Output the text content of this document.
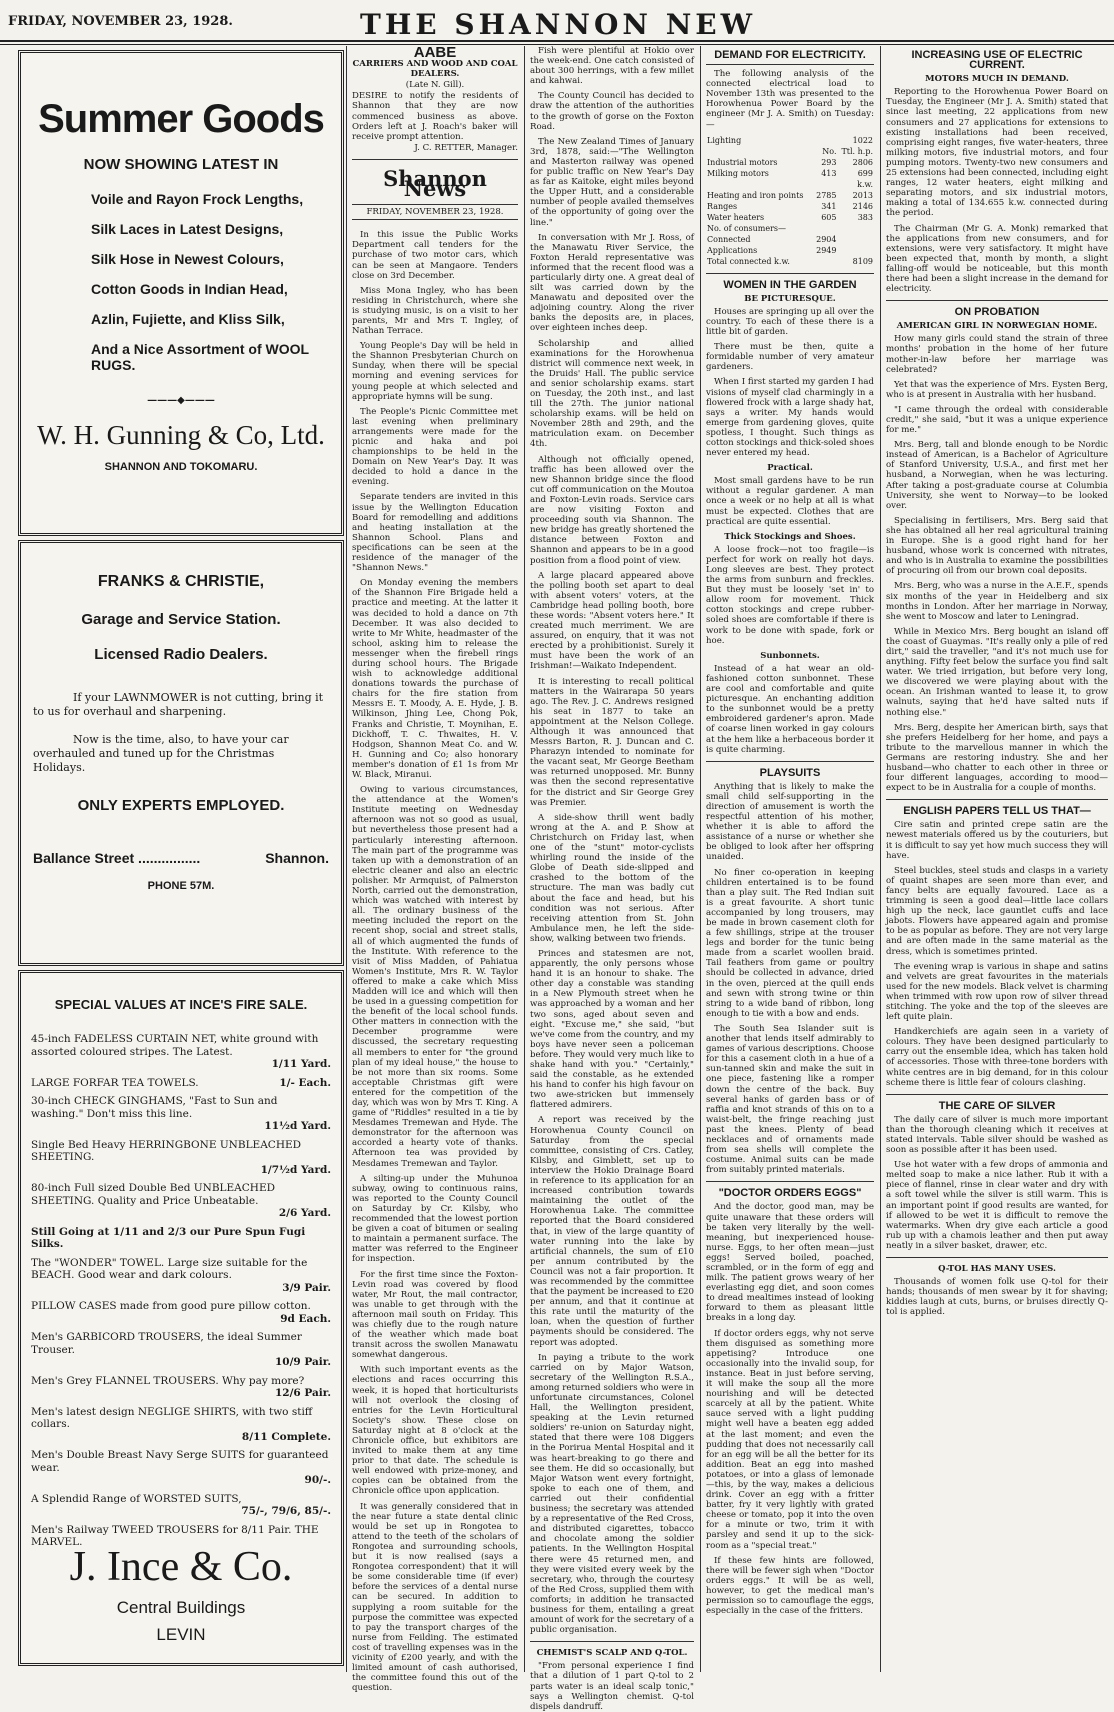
FRIDAY, NOVEMBER 23, 1928.	THE SHANNON NEW
Summer Goods
NOW SHOWING LATEST IN
Voile and Rayon Frock Lengths,
Silk Laces in Latest Designs,
Silk Hose in Newest Colours,
Cotton Goods in Indian Head,
Azlin, Fujiette, and Kliss Silk,
And a Nice Assortment of WOOL RUGS.
———◆———
W. H. Gunning & Co, Ltd.
SHANNON AND TOKOMARU.
FRANKS & CHRISTIE,
Garage and Service Station.
Licensed Radio Dealers.
If your LAWNMOWER is not cutting, bring it to us for overhaul and sharpening.
Now is the time, also, to have your car overhauled and tuned up for the Christmas Holidays.
ONLY EXPERTS EMPLOYED.
Ballance Street ................	Shannon.
PHONE 57M.
SPECIAL VALUES AT INCE'S FIRE SALE.
45-inch FADELESS CURTAIN NET, white ground with assorted coloured stripes. The Latest.
1/11 Yard.
LARGE FORFAR TEA TOWELS.	1/- Each.
30-inch CHECK GINGHAMS, "Fast to Sun and washing." Don't miss this line.
11½d Yard.
Single Bed Heavy HERRINGBONE UNBLEACHED SHEETING.
1/7½d Yard.
80-inch Full sized Double Bed UNBLEACHED SHEETING. Quality and Price Unbeatable.
2/6 Yard.
Still Going at 1/11 and 2/3 our Pure Spun Fugi Silks.
The "WONDER" TOWEL. Large size suitable for the BEACH. Good wear and dark colours.
3/9 Pair.
PILLOW CASES made from good pure pillow cotton.
9d Each.
Men's GARBICORD TROUSERS, the ideal Summer Trouser.
10/9 Pair.
Men's Grey FLANNEL TROUSERS. Why pay more?
12/6 Pair.
Men's latest design NEGLIGE SHIRTS, with two stiff collars.
8/11 Complete.
Men's Double Breast Navy Serge SUITS for guaranteed wear.
90/-.
A Splendid Range of WORSTED SUITS,
75/-, 79/6, 85/-.
Men's Railway TWEED TROUSERS for 8/11 Pair. THE MARVEL.
J. Ince & Co.
Central Buildings
LEVIN
AABE
CARRIERS AND WOOD AND COAL DEALERS.
(Late N. Gill).

DESIRE to notify the residents of Shannon that they are now commenced business as above. Orders left at J. Roach's baker will receive prompt attention.

J. C. RETTER, Manager.
Shannon News
FRIDAY, NOVEMBER 23, 1928.

In this issue the Public Works Department call tenders for the purchase of two motor cars, which can be seen at Mangaore. Tenders close on 3rd December.

Miss Mona Ingley, who has been residing in Christchurch, where she is studying music, is on a visit to her parents, Mr and Mrs T. Ingley, of Nathan Terrace.

Young People's Day will be held in the Shannon Presbyterian Church on Sunday, when there will be special morning and evening services for young people at which selected and appropriate hymns will be sung.

The People's Picnic Committee met last evening when preliminary arrangements were made for the picnic and haka and poi championships to be held in the Domain on New Year's Day. It was decided to hold a dance in the evening.

Separate tenders are invited in this issue by the Wellington Education Board for remodelling and additions and heating installation at the Shannon School. Plans and specifications can be seen at the residence of the manager of the "Shannon News."

On Monday evening the members of the Shannon Fire Brigade held a practice and meeting. At the latter it was decided to hold a dance on 7th December. It was also decided to write to Mr White, headmaster of the school, asking him to release the messenger when the firebell rings during school hours. The Brigade wish to acknowledge additional donations towards the purchase of chairs for the fire station from Messrs E. T. Moody, A. E. Hyde, J. B. Wilkinson, Jhing Lee, Chong Pok, Franks and Christie, T. Moynihan, E. Dickhoff, T. C. Thwaites, H. V. Hodgson, Shannon Meat Co. and W. H. Gunning and Co; also honorary member's donation of £1 1s from Mr W. Black, Miranui.

Owing to various circumstances, the attendance at the Women's Institute meeting on Wednesday afternoon was not so good as usual, but nevertheless those present had a particularly interesting afternoon. The main part of the programme was taken up with a demonstration of an electric cleaner and also an electric polisher. Mr Armquist, of Palmerston North, carried out the demonstration, which was watched with interest by all. The ordinary business of the meeting included the report on the recent shop, social and street stalls, all of which augmented the funds of the Institute. With reference to the visit of Miss Madden, of Pahiatua Women's Institute, Mrs R. W. Taylor offered to make a cake which Miss Madden will ice and which will then be used in a guessing competition for the benefit of the local school funds. Other matters in connection with the December programme were discussed, the secretary requesting all members to enter for "the ground plan of my ideal house," the house to be not more than six rooms. Some acceptable Christmas gift were entered for the competition of the day, which was won by Mrs T. King. A game of "Riddles" resulted in a tie by Mesdames Tremewan and Hyde. The demonstrator for the afternoon was accorded a hearty vote of thanks. Afternoon tea was provided by Mesdames Tremewan and Taylor.

A silting-up under the Muhunoa subway, owing to continuous rains, was reported to the County Council on Saturday by Cr. Kilsby, who recommended that the lowest portion be given a coat of bitumen or sealing to maintain a permanent surface. The matter was referred to the Engineer for inspection.

For the first time since the Foxton-Levin road was covered by flood water, Mr Rout, the mail contractor, was unable to get through with the afternoon mail south on Friday. This was chiefly due to the rough nature of the weather which made boat transit across the swollen Manawatu somewhat dangerous.

With such important events as the elections and races occurring this week, it is hoped that horticulturists will not overlook the closing of entries for the Levin Horticultural Society's show. These close on Saturday night at 8 o'clock at the Chronicle office, but exhibitors are invited to make them at any time prior to that date. The schedule is well endowed with prize-money, and copies can be obtained from the Chronicle office upon application.

It was generally considered that in the near future a state dental clinic would be set up in Rongotea to attend to the teeth of the scholars of Rongotea and surrounding schools, but it is now realised (says a Rongotea correspondent) that it will be some considerable time (if ever) before the services of a dental nurse can be secured. In addition to supplying a room suitable for the purpose the committee was expected to pay the transport charges of the nurse from Feilding. The estimated cost of travelling expenses was in the vicinity of £200 yearly, and with the limited amount of cash authorised, the committee found this out of the question.

Fish were plentiful at Hokio over the week-end. One catch consisted of about 300 herrings, with a few millet and kahwai.

The County Council has decided to draw the attention of the authorities to the growth of gorse on the Foxton Road.

The New Zealand Times of January 3rd, 1878, said:—"The Wellington and Masterton railway was opened for public traffic on New Year's Day as far as Kaitoke, eight miles beyond the Upper Hutt, and a considerable number of people availed themselves of the opportunity of going over the line."

In conversation with Mr J. Ross, of the Manawatu River Service, the Foxton Herald representative was informed that the recent flood was a particularly dirty one. A great deal of silt was carried down by the Manawatu and deposited over the adjoining country. Along the river banks the deposits are, in places, over eighteen inches deep.

Scholarship and allied examinations for the Horowhenua district will commence next week, in the Druids' Hall. The public service and senior scholarship exams. start on Tuesday, the 20th inst., and last till the 27th. The junior national scholarship exams. will be held on November 28th and 29th, and the matriculation exam. on December 4th.

Although not officially opened, traffic has been allowed over the new Shannon bridge since the flood cut off communication on the Moutoa and Foxton-Levin roads. Service cars are now visiting Foxton and proceeding south via Shannon. The new bridge has greatly shortened the distance between Foxton and Shannon and appears to be in a good position from a flood point of view.

A large placard appeared above the polling booth set apart to deal with absent voters' voters, at the Cambridge head polling booth, bore these words: "Absent voters here." It created much merriment. We are assured, on enquiry, that it was not erected by a prohibitionist. Surely it must have been the work of an Irishman!—Waikato Independent.

It is interesting to recall political matters in the Wairarapa 50 years ago. The Rev. J. C. Andrews resigned his seat in 1877 to take an appointment at the Nelson College. Although it was announced that Messrs Barton, R. J. Duncan and C. Pharazyn intended to nominate for the vacant seat, Mr George Beetham was returned unopposed. Mr. Bunny was then the second representative for the district and Sir George Grey was Premier.

A side-show thrill went badly wrong at the A. and P. Show at Christchurch on Friday last, when one of the "stunt" motor-cyclists whirling round the inside of the Globe of Death side-slipped and crashed to the bottom of the structure. The man was badly cut about the face and head, but his condition was not serious. After receiving attention from St. John Ambulance men, he left the side-show, walking between two friends.

Princes and statesmen are not, apparently, the only persons whose hand it is an honour to shake. The other day a constable was standing in a New Plymouth street when he was approached by a woman and her two sons, aged about seven and eight. "Excuse me," she said, "but we've come from the country, and my boys have never seen a policeman before. They would very much like to shake hand with you." "Certainly," said the constable, as he extended his hand to confer his high favour on two awe-stricken but immensely flattered admirers.

A report was received by the Horowhenua County Council on Saturday from the special committee, consisting of Crs. Catley, Kilsby, and Gimblett, set up to interview the Hokio Drainage Board in reference to its application for an increased contribution towards maintaining the outlet of the Horowhenua Lake. The committee reported that the Board considered that, in view of the large quantity of water running into the lake by artificial channels, the sum of £10 per annum contributed by the Council was not a fair proportion. It was recommended by the committee that the payment be increased to £20 per annum, and that it continue at this rate until the maturity of the loan, when the question of further payments should be considered. The report was adopted.

In paying a tribute to the work carried on by Major Watson, secretary of the Wellington R.S.A., among returned soldiers who were in unfortunate circumstances, Colonel Hall, the Wellington president, speaking at the Levin returned soldiers' re-union on Saturday night, stated that there were 108 Diggers in the Porirua Mental Hospital and it was heart-breaking to go there and see them. He did so occasionally, but Major Watson went every fortnight, spoke to each one of them, and carried out their confidential business; the secretary was attended by a representative of the Red Cross, and distributed cigarettes, tobacco and chocolate among the soldier patients. In the Wellington Hospital there were 45 returned men, and they were visited every week by the secretary, who, through the courtesy of the Red Cross, supplied them with comforts; in addition he transacted business for them, entailing a great amount of work for the secretary of a public organisation.

CHEMIST'S SCALP AND Q-TOL.

"From personal experience I find that a dilution of 1 part Q-tol to 2 parts water is an ideal scalp tonic," says a Wellington chemist. Q-tol dispels dandruff.

DEMAND FOR ELECTRICITY.

The following analysis of the connected electrical load to November 13th was presented to the Horowhenua Power Board by the engineer (Mr J. A. Smith) on Tuesday:—

Lighting		1022
	No.	Ttl. h.p.
Industrial motors	293	2806
Milking motors	413	699
		k.w.
Heating and iron points	2785	2013
Ranges	341	2146
Water heaters	605	383
No. of consumers—		
Connected	2904	
Applications	2949	
Total connected k.w.		8109
WOMEN IN THE GARDEN
BE PICTURESQUE.

Houses are springing up all over the country. To each of these there is a little bit of garden.

There must be then, quite a formidable number of very amateur gardeners.

When I first started my garden I had visions of myself clad charmingly in a flowered frock with a large shady hat, says a writer. My hands would emerge from gardening gloves, quite spotless, I thought. Such things as cotton stockings and thick-soled shoes never entered my head.

Practical.

Most small gardens have to be run without a regular gardener. A man once a week or no help at all is what must be expected. Clothes that are practical are quite essential.

Thick Stockings and Shoes.

A loose frock—not too fragile—is perfect for work on really hot days. Long sleeves are best. They protect the arms from sunburn and freckles. But they must be loosely 'set in' to allow room for movement. Thick cotton stockings and crepe rubber-soled shoes are comfortable if there is work to be done with spade, fork or hoe.

Sunbonnets.

Instead of a hat wear an old-fashioned cotton sunbonnet. These are cool and comfortable and quite picturesque. An enchanting addition to the sunbonnet would be a pretty embroidered gardener's apron. Made of coarse linen worked in gay colours at the hem like a herbaceous border it is quite charming.

PLAYSUITS

Anything that is likely to make the small child self-supporting in the direction of amusement is worth the respectful attention of his mother, whether it is able to afford the assistance of a nurse or whether she be obliged to look after her offspring unaided.

No finer co-operation in keeping children entertained is to be found than a play suit. The Red Indian suit is a great favourite. A short tunic accompanied by long trousers, may be made in brown casement cloth for a few shillings, stripe at the trouser legs and border for the tunic being made from a scarlet woollen braid. Tail feathers from game or poultry should be collected in advance, dried in the oven, pierced at the quill ends and sewn with strong twine or thin string to a wide band of ribbon, long enough to tie with a bow and ends.

The South Sea Islander suit is another that lends itself admirably to games of various descriptions. Choose for this a casement cloth in a hue of a sun-tanned skin and make the suit in one piece, fastening like a romper down the centre of the back. Buy several hanks of garden bass or of raffia and knot strands of this on to a waist-belt, the fringe reaching just past the knees. Plenty of bead necklaces and of ornaments made from sea shells will complete the costume. Animal suits can be made from suitably printed materials.

"DOCTOR ORDERS EGGS"

And the doctor, good man, may be quite unaware that these orders will be taken very literally by the well-meaning, but inexperienced house-nurse. Eggs, to her often mean—just eggs! Served boiled, poached, scrambled, or in the form of egg and milk. The patient grows weary of her everlasting egg diet, and soon comes to dread mealtimes instead of looking forward to them as pleasant little breaks in a long day.

If doctor orders eggs, why not serve them disguised as something more appetising? Introduce one occasionally into the invalid soup, for instance. Beat in just before serving, it will make the soup all the more nourishing and will be detected scarcely at all by the patient. White sauce served with a light pudding might well have a beaten egg added at the last moment; and even the pudding that does not necessarily call for an egg will be all the better for its addition. Beat an egg into mashed potatoes, or into a glass of lemonade—this, by the way, makes a delicious drink. Cover an egg with a fritter batter, fry it very lightly with grated cheese or tomato, pop it into the oven for a minute or two, trim it with parsley and send it up to the sick-room as a "special treat."

If these few hints are followed, there will be fewer sigh when "Doctor orders eggs." It will be as well, however, to get the medical man's permission so to camouflage the eggs, especially in the case of the fritters.

INCREASING USE OF ELECTRIC CURRENT.
MOTORS MUCH IN DEMAND.

Reporting to the Horowhenua Power Board on Tuesday, the Engineer (Mr J. A. Smith) stated that since last meeting, 22 applications from new consumers and 27 applications for extensions to existing installations had been received, comprising eight ranges, five water-heaters, three milking motors, five industrial motors, and four pumping motors. Twenty-two new consumers and 25 extensions had been connected, including eight ranges, 12 water heaters, eight milking and separating motors, and six industrial motors, making a total of 134.655 k.w. connected during the period.

The Chairman (Mr G. A. Monk) remarked that the applications from new consumers, and for extensions, were very satisfactory. It might have been expected that, month by month, a slight falling-off would be noticeable, but this month there had been a slight increase in the demand for electricity.

ON PROBATION
AMERICAN GIRL IN NORWEGIAN HOME.

How many girls could stand the strain of three months' probation in the home of her future mother-in-law before her marriage was celebrated?

Yet that was the experience of Mrs. Eysten Berg, who is at present in Australia with her husband.

"I came through the ordeal with considerable credit," she said, "but it was a unique experience for me."

Mrs. Berg, tall and blonde enough to be Nordic instead of American, is a Bachelor of Agriculture of Stanford University, U.S.A., and first met her husband, a Norwegian, when he was lecturing. After taking a post-graduate course at Columbia University, she went to Norway—to be looked over.

Specialising in fertilisers, Mrs. Berg said that she has obtained all her real agricultural training in Europe. She is a good right hand for her husband, whose work is concerned with nitrates, and who is in Australia to examine the possibilities of procuring oil from our brown coal deposits.

Mrs. Berg, who was a nurse in the A.E.F., spends six months of the year in Heidelberg and six months in London. After her marriage in Norway, she went to Moscow and later to Leningrad.

While in Mexico Mrs. Berg bought an island off the coast of Guaymas. "It's really only a pile of red dirt," said the traveller, "and it's not much use for anything. Fifty feet below the surface you find salt water. We tried irrigation, but before very long, we discovered we were playing about with the ocean. An Irishman wanted to lease it, to grow walnuts, saying that he'd have salted nuts if nothing else."

Mrs. Berg, despite her American birth, says that she prefers Heidelberg for her home, and pays a tribute to the marvellous manner in which the Germans are restoring industry. She and her husband—who chatter to each other in three or four different languages, according to mood—expect to be in Australia for a couple of months.

ENGLISH PAPERS TELL US THAT—

Cire satin and printed crepe satin are the newest materials offered us by the couturiers, but it is difficult to say yet how much success they will have.

Steel buckles, steel studs and clasps in a variety of quaint shapes are seen more than ever, and fancy belts are equally favoured. Lace as a trimming is seen a good deal—little lace collars high up the neck, lace gauntlet cuffs and lace jabots. Flowers have appeared again and promise to be as popular as before. They are not very large and are often made in the same material as the dress, which is sometimes printed.

The evening wrap is various in shape and satins and velvets are great favourites in the materials used for the new models. Black velvet is charming when trimmed with row upon row of silver thread stitching. The yoke and the top of the sleeves are left quite plain.

Handkerchiefs are again seen in a variety of colours. They have been designed particularly to carry out the ensemble idea, which has taken hold of accessories. Those with three-tone borders with white centres are in big demand, for in this colour scheme there is little fear of colours clashing.

THE CARE OF SILVER

The daily care of silver is much more important than the thorough cleaning which it receives at stated intervals. Table silver should be washed as soon as possible after it has been used.

Use hot water with a few drops of ammonia and melted soap to make a nice lather. Rub it with a piece of flannel, rinse in clear water and dry with a soft towel while the silver is still warm. This is an important point if good results are wanted, for if allowed to be wet it is difficult to remove the watermarks. When dry give each article a good rub up with a chamois leather and then put away neatly in a silver basket, drawer, etc.

Q-TOL HAS MANY USES.

Thousands of women folk use Q-tol for their hands; thousands of men swear by it for shaving; kiddies laugh at cuts, burns, or bruises directly Q-tol is applied.
